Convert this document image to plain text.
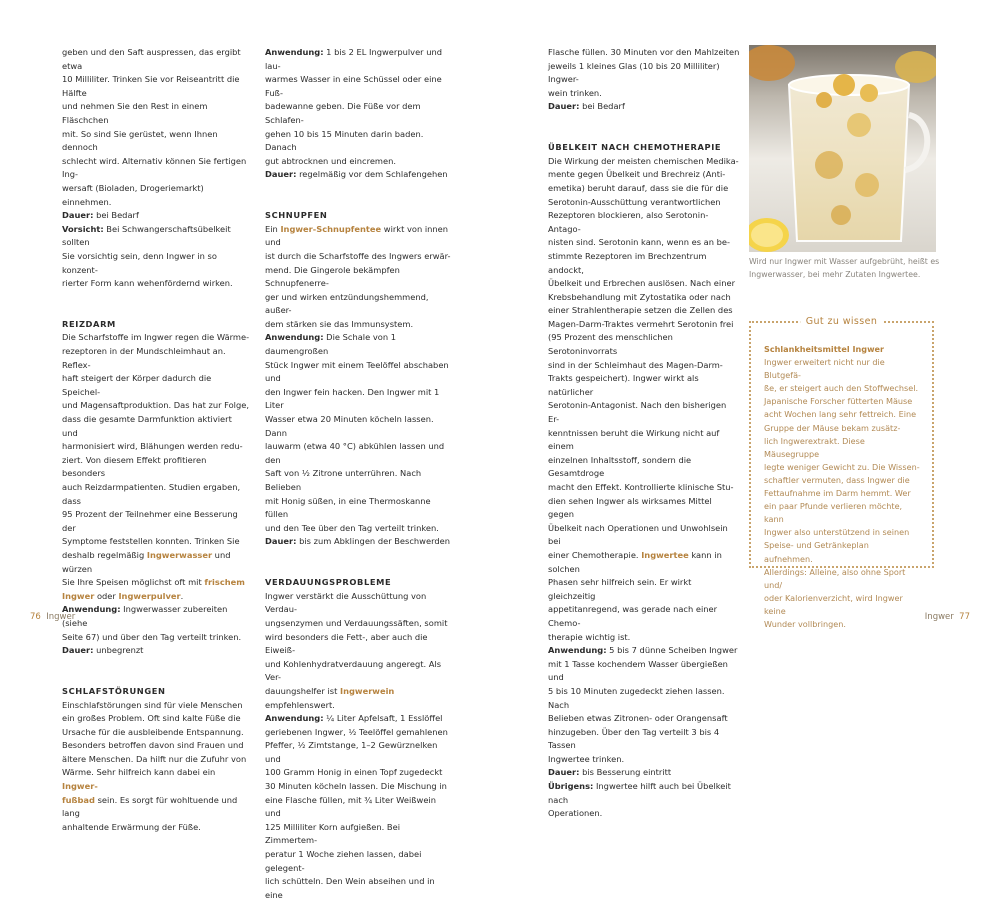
geben und den Saft auspressen, das ergibt etwa

10 Milliliter. Trinken Sie vor Reiseantritt die Hälfte

und nehmen Sie den Rest in einem Fläschchen

mit. So sind Sie gerüstet, wenn Ihnen dennoch

schlecht wird. Alternativ können Sie fertigen Ing-

wersaft (Bioladen, Drogeriemarkt) einnehmen.

Dauer: bei Bedarf

Vorsicht: Bei Schwangerschaftsübelkeit sollten

Sie vorsichtig sein, denn Ingwer in so konzent-

rierter Form kann wehenfördernd wirken.

REIZDARM

Die Scharfstoffe im Ingwer regen die Wärme-

rezeptoren in der Mundschleimhaut an. Reflex-

haft steigert der Körper dadurch die Speichel-

und Magensaftproduktion. Das hat zur Folge,

dass die gesamte Darmfunktion aktiviert und

harmonisiert wird, Blähungen werden redu-

ziert. Von diesem Effekt profitieren besonders

auch Reizdarmpatienten. Studien ergaben, dass

95 Prozent der Teilnehmer eine Besserung der

Symptome feststellen konnten. Trinken Sie

deshalb regelmäßig Ingwerwasser und würzen

Sie Ihre Speisen möglichst oft mit frischem

Ingwer oder Ingwerpulver.

Anwendung: Ingwerwasser zubereiten (siehe

Seite 67) und über den Tag verteilt trinken.

Dauer: unbegrenzt

SCHLAFSTÖRUNGEN

Einschlafstörungen sind für viele Menschen

ein großes Problem. Oft sind kalte Füße die

Ursache für die ausbleibende Entspannung.

Besonders betroffen davon sind Frauen und

ältere Menschen. Da hilft nur die Zufuhr von

Wärme. Sehr hilfreich kann dabei ein Ingwer-

fußbad sein. Es sorgt für wohltuende und lang

anhaltende Erwärmung der Füße.

Anwendung: 1 bis 2 EL Ingwerpulver und lau-

warmes Wasser in eine Schüssel oder eine Fuß-

badewanne geben. Die Füße vor dem Schlafen-

gehen 10 bis 15 Minuten darin baden. Danach

gut abtrocknen und eincremen.

Dauer: regelmäßig vor dem Schlafengehen

SCHNUPFEN

Ein Ingwer-Schnupfentee wirkt von innen und

ist durch die Scharfstoffe des Ingwers erwär-

mend. Die Gingerole bekämpfen Schnupfenerre-

ger und wirken entzündungshemmend, außer-

dem stärken sie das Immunsystem.

Anwendung: Die Schale von 1 daumengroßen

Stück Ingwer mit einem Teelöffel abschaben und

den Ingwer fein hacken. Den Ingwer mit 1 Liter

Wasser etwa 20 Minuten köcheln lassen. Dann

lauwarm (etwa 40 °C) abkühlen lassen und den

Saft von ½ Zitrone unterrühren. Nach Belieben

mit Honig süßen, in eine Thermoskanne füllen

und den Tee über den Tag verteilt trinken.

Dauer: bis zum Abklingen der Beschwerden

VERDAUUNGSPROBLEME

Ingwer verstärkt die Ausschüttung von Verdau-

ungsenzymen und Verdauungssäften, somit

wird besonders die Fett-, aber auch die Eiweiß-

und Kohlenhydratverdauung angeregt. Als Ver-

dauungshelfer ist Ingwerwein empfehlenswert.

Anwendung: ¼ Liter Apfelsaft, 1 Esslöffel

geriebenen Ingwer, ½ Teelöffel gemahlenen

Pfeffer, ½ Zimtstange, 1–2 Gewürznelken und

100 Gramm Honig in einen Topf zugedeckt

30 Minuten köcheln lassen. Die Mischung in

eine Flasche füllen, mit ¾ Liter Weißwein und

125 Milliliter Korn aufgießen. Bei Zimmertem-

peratur 1 Woche ziehen lassen, dabei gelegent-

lich schütteln. Den Wein abseihen und in eine

Flasche füllen. 30 Minuten vor den Mahlzeiten

jeweils 1 kleines Glas (10 bis 20 Milliliter) Ingwer-

wein trinken.

Dauer: bei Bedarf

ÜBELKEIT NACH CHEMOTHERAPIE

Die Wirkung der meisten chemischen Medika-

mente gegen Übelkeit und Brechreiz (Anti-

emetika) beruht darauf, dass sie die für die

Serotonin-Ausschüttung verantwortlichen

Rezeptoren blockieren, also Serotonin-Antago-

nisten sind. Serotonin kann, wenn es an be-

stimmte Rezeptoren im Brechzentrum andockt,

Übelkeit und Erbrechen auslösen. Nach einer

Krebsbehandlung mit Zytostatika oder nach

einer Strahlentherapie setzen die Zellen des

Magen-Darm-Traktes vermehrt Serotonin frei

(95 Prozent des menschlichen Serotoninvorrats

sind in der Schleimhaut des Magen-Darm-

Trakts gespeichert). Ingwer wirkt als natürlicher

Serotonin-Antagonist. Nach den bisherigen Er-

kenntnissen beruht die Wirkung nicht auf einem

einzelnen Inhaltsstoff, sondern die Gesamtdroge

macht den Effekt. Kontrollierte klinische Stu-

dien sehen Ingwer als wirksames Mittel gegen

Übelkeit nach Operationen und Unwohlsein bei

einer Chemotherapie. Ingwertee kann in solchen

Phasen sehr hilfreich sein. Er wirkt gleichzeitig

appetitanregend, was gerade nach einer Chemo-

therapie wichtig ist.

Anwendung: 5 bis 7 dünne Scheiben Ingwer

mit 1 Tasse kochendem Wasser übergießen und

5 bis 10 Minuten zugedeckt ziehen lassen. Nach

Belieben etwas Zitronen- oder Orangensaft

hinzugeben. Über den Tag verteilt 3 bis 4 Tassen

Ingwertee trinken.

Dauer: bis Besserung eintritt

Übrigens: Ingwertee hilft auch bei Übelkeit nach

Operationen.

Wird nur Ingwer mit Wasser aufgebrüht, heißt es
Ingwerwasser, bei mehr Zutaten Ingwertee.
Gut zu wissen
Schlankheitsmittel Ingwer
Ingwer erweitert nicht nur die Blutgefä-
ße, er steigert auch den Stoffwechsel.
Japanische Forscher fütterten Mäuse
acht Wochen lang sehr fettreich. Eine
Gruppe der Mäuse bekam zusätz-
lich Ingwerextrakt. Diese Mäusegruppe
legte weniger Gewicht zu. Die Wissen-
schaftler vermuten, dass Ingwer die
Fettaufnahme im Darm hemmt. Wer
ein paar Pfunde verlieren möchte, kann
Ingwer also unterstützend in seinen
Speise- und Getränkeplan aufnehmen.
Allerdings: Alleine, also ohne Sport und/
oder Kalorienverzicht, wird Ingwer keine
Wunder vollbringen.
76 Ingwer	Ingwer 77
